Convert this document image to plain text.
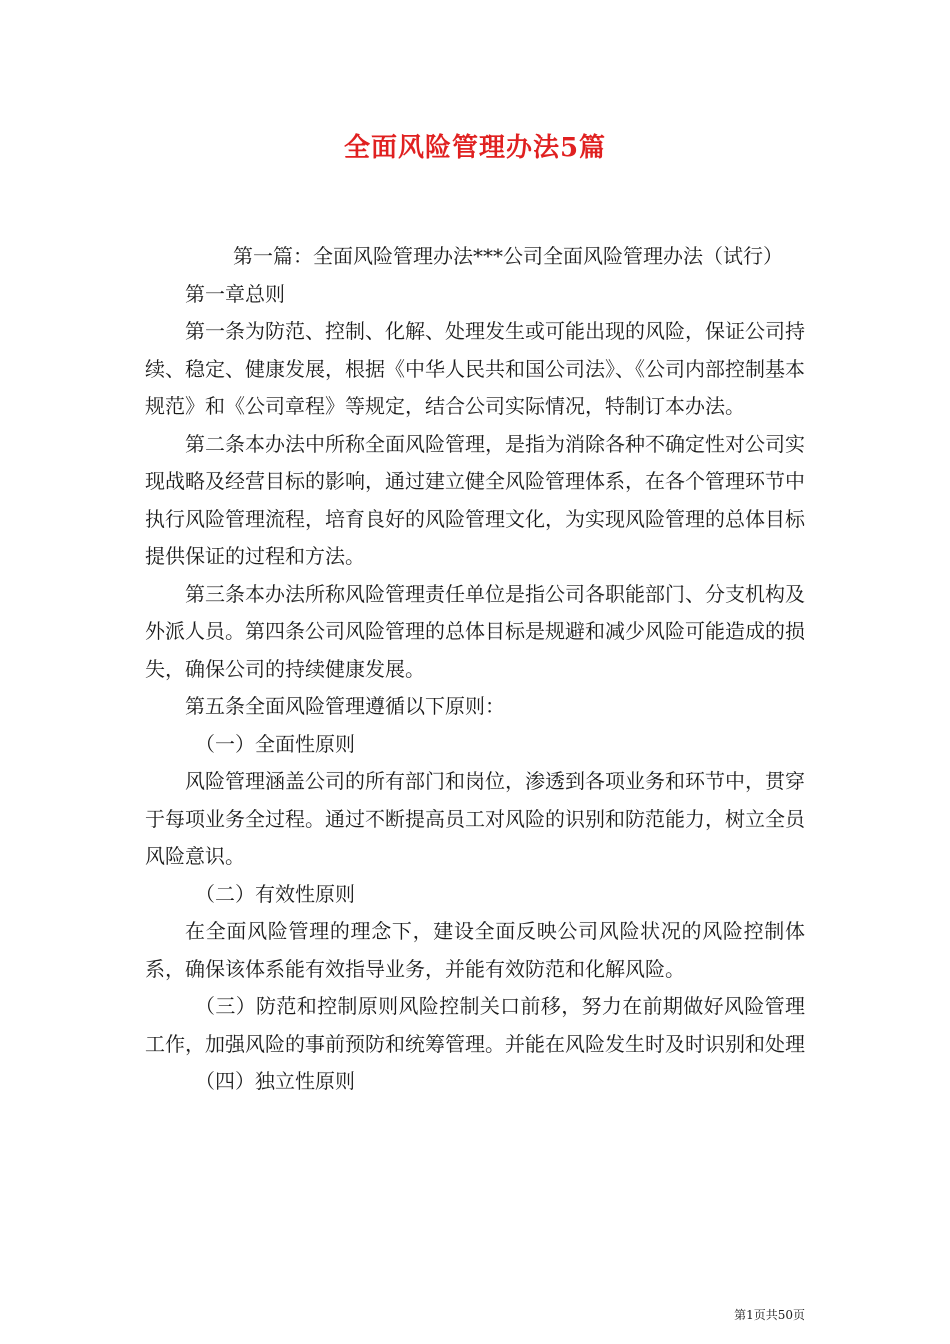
全面风险管理办法5篇

第一篇：全面风险管理办法***公司全面风险管理办法（试行）

第一章总则

第一条为防范、控制、化解、处理发生或可能出现的风险，保证公司持续、稳定、健康发展，根据《中华人民共和国公司法》、《公司内部控制基本规范》和《公司章程》等规定，结合公司实际情况，特制订本办法。

第二条本办法中所称全面风险管理，是指为消除各种不确定性对公司实现战略及经营目标的影响，通过建立健全风险管理体系，在各个管理环节中执行风险管理流程，培育良好的风险管理文化，为实现风险管理的总体目标提供保证的过程和方法。

第三条本办法所称风险管理责任单位是指公司各职能部门、分支机构及外派人员。第四条公司风险管理的总体目标是规避和减少风险可能造成的损失，确保公司的持续健康发展。

第五条全面风险管理遵循以下原则：

（一）全面性原则

风险管理涵盖公司的所有部门和岗位，渗透到各项业务和环节中，贯穿于每项业务全过程。通过不断提高员工对风险的识别和防范能力，树立全员风险意识。

（二）有效性原则

在全面风险管理的理念下，建设全面反映公司风险状况的风险控制体系，确保该体系能有效指导业务，并能有效防范和化解风险。

（三）防范和控制原则风险控制关口前移，努力在前期做好风险管理工作，加强风险的事前预防和统筹管理。并能在风险发生时及时识别和处理

（四）独立性原则

第1页共50页
